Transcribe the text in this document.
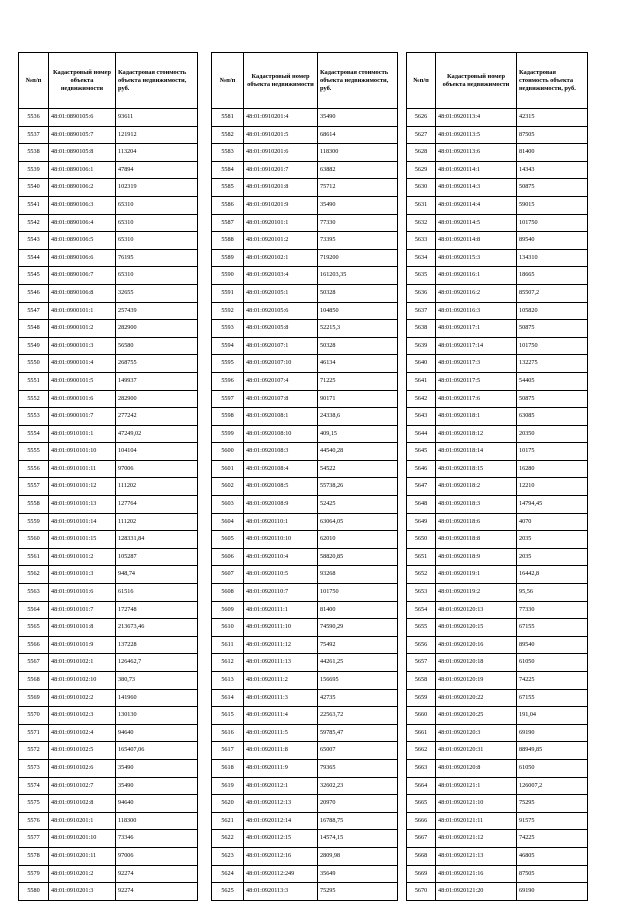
№п/п	Кадастровый номер объекта недвижимости	Кадастровая стоимость объекта недвижимости, руб.
5536	48:01:0890105:6	93611
5537	48:01:0890105:7	121912
5538	48:01:0890105:8	113204
5539	48:01:0890106:1	47894
5540	48:01:0890106:2	102319
5541	48:01:0890106:3	65310
5542	48:01:0890106:4	65310
5543	48:01:0890106:5	65310
5544	48:01:0890106:6	76195
5545	48:01:0890106:7	65310
5546	48:01:0890106:8	32655
5547	48:01:0900101:1	257439
5548	48:01:0900101:2	282900
5549	48:01:0900101:3	56580
5550	48:01:0900101:4	268755
5551	48:01:0900101:5	149937
5552	48:01:0900101:6	282900
5553	48:01:0900101:7	277242
5554	48:01:0910101:1	47249,02
5555	48:01:0910101:10	104104
5556	48:01:0910101:11	97006
5557	48:01:0910101:12	111202
5558	48:01:0910101:13	127764
5559	48:01:0910101:14	111202
5560	48:01:0910101:15	128331,84
5561	48:01:0910101:2	105287
5562	48:01:0910101:3	948,74
5563	48:01:0910101:6	61516
5564	48:01:0910101:7	172748
5565	48:01:0910101:8	213673,46
5566	48:01:0910101:9	137228
5567	48:01:0910102:1	126462,7
5568	48:01:0910102:10	380,73
5569	48:01:0910102:2	141960
5570	48:01:0910102:3	130130
5571	48:01:0910102:4	94640
5572	48:01:0910102:5	165407,06
5573	48:01:0910102:6	35490
5574	48:01:0910102:7	35490
5575	48:01:0910102:8	94640
5576	48:01:0910201:1	118300
5577	48:01:0910201:10	73346
5578	48:01:0910201:11	97006
5579	48:01:0910201:2	92274
5580	48:01:0910201:3	92274
№п/п	Кадастровый номер объекта недвижимости	Кадастровая стоимость объекта недвижимости, руб.
5581	48:01:0910201:4	35490
5582	48:01:0910201:5	68614
5583	48:01:0910201:6	118300
5584	48:01:0910201:7	63882
5585	48:01:0910201:8	75712
5586	48:01:0910201:9	35490
5587	48:01:0920101:1	77330
5588	48:01:0920101:2	73395
5589	48:01:0920102:1	719200
5590	48:01:0920103:4	161203,35
5591	48:01:0920105:1	50328
5592	48:01:0920105:6	104850
5593	48:01:0920105:8	52215,3
5594	48:01:0920107:1	50328
5595	48:01:0920107:10	46134
5596	48:01:0920107:4	71225
5597	48:01:0920107:8	90171
5598	48:01:0920108:1	24338,6
5599	48:01:0920108:10	409,15
5600	48:01:0920108:3	44540,28
5601	48:01:0920108:4	54522
5602	48:01:0920108:5	55738,26
5603	48:01:0920108:9	52425
5604	48:01:0920110:1	63064,05
5605	48:01:0920110:10	62010
5606	48:01:0920110:4	58820,85
5607	48:01:0920110:5	93268
5608	48:01:0920110:7	101750
5609	48:01:0920111:1	81400
5610	48:01:0920111:10	74590,29
5611	48:01:0920111:12	75492
5612	48:01:0920111:13	44261,25
5613	48:01:0920111:2	156695
5614	48:01:0920111:3	42735
5615	48:01:0920111:4	22563,72
5616	48:01:0920111:5	59785,47
5617	48:01:0920111:8	65007
5618	48:01:0920111:9	79365
5619	48:01:0920112:1	32602,23
5620	48:01:0920112:13	20970
5621	48:01:0920112:14	16788,75
5622	48:01:0920112:15	14574,15
5623	48:01:0920112:16	2809,98
5624	48:01:0920112:249	35649
5625	48:01:0920113:3	75295
№п/п	Кадастровый номер объекта недвижимости	Кадастровая стоимость объекта недвижимости, руб.
5626	48:01:0920113:4	42315
5627	48:01:0920113:5	87505
5628	48:01:0920113:6	81400
5629	48:01:0920114:1	14343
5630	48:01:0920114:3	50875
5631	48:01:0920114:4	59015
5632	48:01:0920114:5	101750
5633	48:01:0920114:8	89540
5634	48:01:0920115:3	134310
5635	48:01:0920116:1	18665
5636	48:01:0920116:2	85507,2
5637	48:01:0920116:3	105820
5638	48:01:0920117:1	50875
5639	48:01:0920117:14	101750
5640	48:01:0920117:3	132275
5641	48:01:0920117:5	54405
5642	48:01:0920117:6	50875
5643	48:01:0920118:1	63085
5644	48:01:0920118:12	20350
5645	48:01:0920118:14	10175
5646	48:01:0920118:15	16280
5647	48:01:0920118:2	12210
5648	48:01:0920118:3	14794,45
5649	48:01:0920118:6	4070
5650	48:01:0920118:8	2035
5651	48:01:0920118:9	2035
5652	48:01:0920119:1	16442,8
5653	48:01:0920119:2	95,56
5654	48:01:0920120:13	77330
5655	48:01:0920120:15	67155
5656	48:01:0920120:16	89540
5657	48:01:0920120:18	61050
5658	48:01:0920120:19	74225
5659	48:01:0920120:22	67155
5660	48:01:0920120:25	191,04
5661	48:01:0920120:3	69190
5662	48:01:0920120:31	88949,85
5663	48:01:0920120:8	61050
5664	48:01:0920121:1	126007,2
5665	48:01:0920121:10	75295
5666	48:01:0920121:11	91575
5667	48:01:0920121:12	74225
5668	48:01:0920121:13	46805
5669	48:01:0920121:16	87505
5670	48:01:0920121:20	69190
